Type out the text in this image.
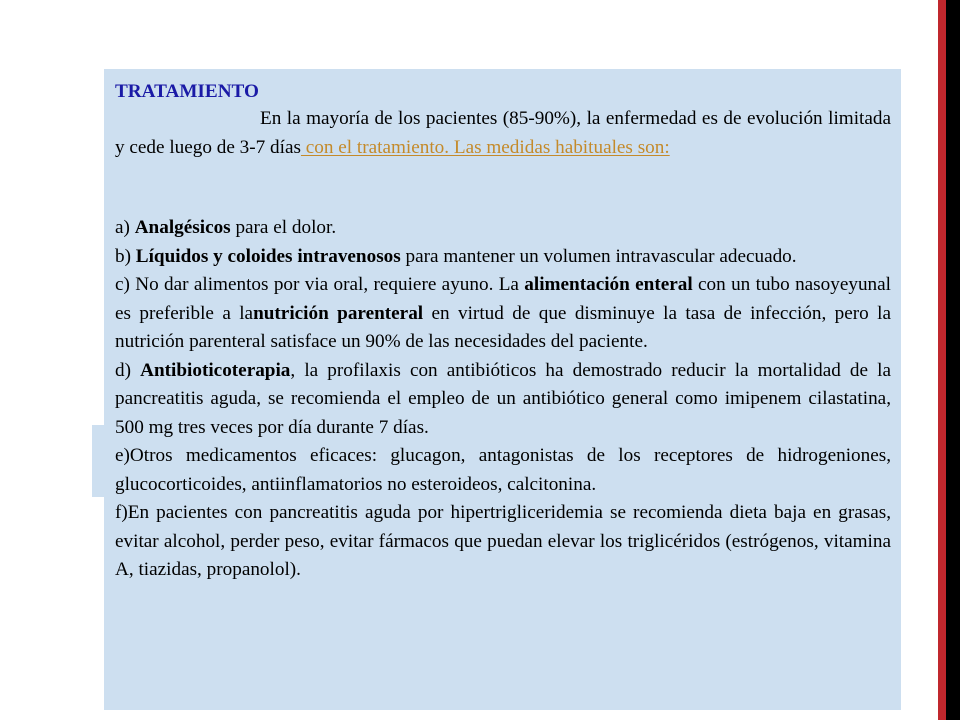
TRATAMIENTO

En la mayoría de los pacientes (85-90%), la enfermedad es de evolución limitada y cede luego de 3-7 días con el tratamiento. Las medidas habituales son:

a) Analgésicos para el dolor.

b) Líquidos y coloides intravenosos para mantener un volumen intravascular adecuado.

c) No dar alimentos por via oral, requiere ayuno. La alimentación enteral con un tubo nasoyeyunal es preferible a lanutrición parenteral en virtud de que disminuye la tasa de infección, pero la nutrición parenteral satisface un 90% de las necesidades del paciente.

d) Antibioticoterapia, la profilaxis con antibióticos ha demostrado reducir la mortalidad de la pancreatitis aguda, se recomienda el empleo de un antibiótico general como imipenem cilastatina, 500 mg tres veces por día durante 7 días.

e)Otros medicamentos eficaces: glucagon, antagonistas de los receptores de hidrogeniones, glucocorticoides, antiinflamatorios no esteroideos, calcitonina.

f)En pacientes con pancreatitis aguda por hipertrigliceridemia se recomienda dieta baja en grasas, evitar alcohol, perder peso, evitar fármacos que puedan elevar los triglicéridos (estrógenos, vitamina A, tiazidas, propanolol).
